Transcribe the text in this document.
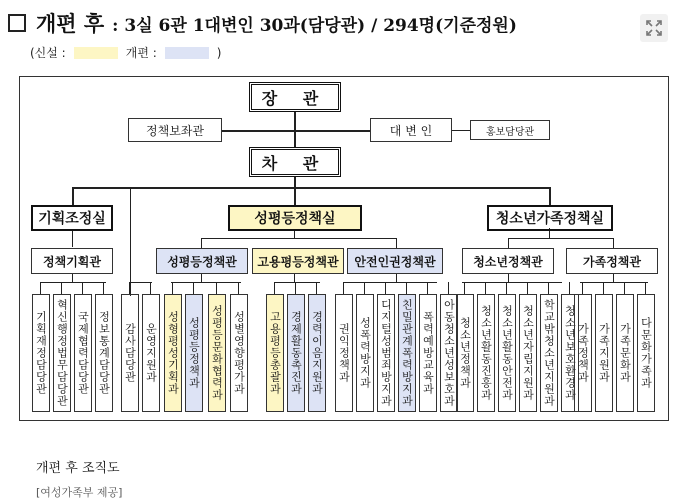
개편 후 : 3실 6관 1대변인 30과(담당관) / 294명(기준정원)
(신설 :	개편 :	)
장 관
정책보좌관	대 변 인	홍보담당관
차 관
기획조정실	성평등정책실	청소년가족정책실
정책기획관	성평등정책관	고용평등정책관	안전인권정책관	청소년정책관	가족정책관
기획재정담당관 혁신행정법무담당관 국제협력담당관 정보통계담당관 감사담당관 운영지원과 성형평성기획과 성평등정책과 성평등문화협력과 성별영향평가과 고용평등총괄과 경제활동촉진과 경력이음지원과 권익정책과 성폭력방지과 디지털성범죄방지과 친밀관계폭력방지과 폭력예방교육과 아동청소년성보호과 청소년정책과 청소년활동진흥과 청소년활동안전과 청소년자립지원과 학교밖청소년지원과 청소년보호환경과 가족정책과 가족지원과 가족문화과 다문화가족과
개편 후 조직도
[여성가족부 제공]
